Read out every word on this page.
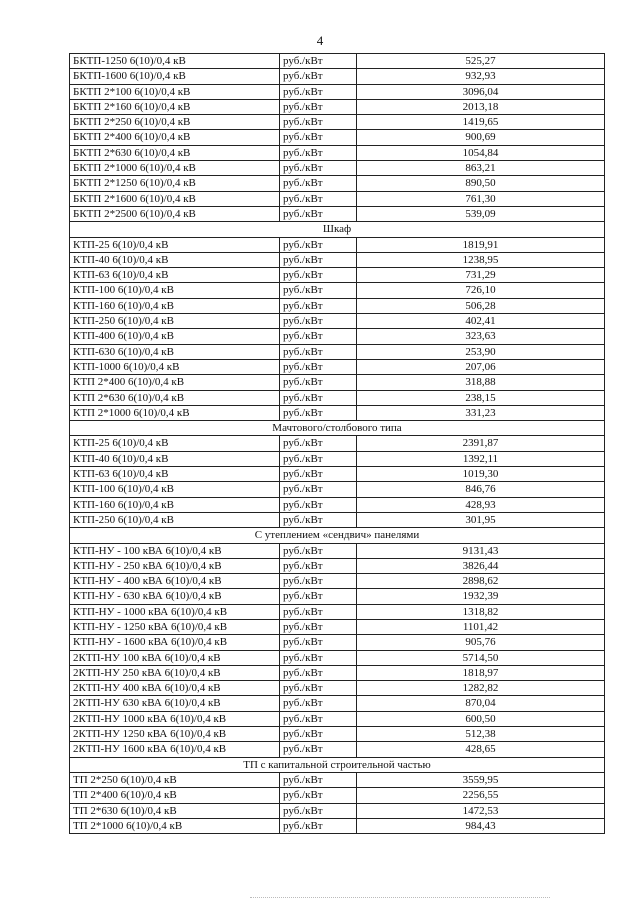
4
БКТП-1250 6(10)/0,4 кВ	руб./кВт	525,27
БКТП-1600 6(10)/0,4 кВ	руб./кВт	932,93
БКТП 2*100 6(10)/0,4 кВ	руб./кВт	3096,04
БКТП 2*160 6(10)/0,4 кВ	руб./кВт	2013,18
БКТП 2*250 6(10)/0,4 кВ	руб./кВт	1419,65
БКТП 2*400 6(10)/0,4 кВ	руб./кВт	900,69
БКТП 2*630 6(10)/0,4 кВ	руб./кВт	1054,84
БКТП 2*1000 6(10)/0,4 кВ	руб./кВт	863,21
БКТП 2*1250 6(10)/0,4 кВ	руб./кВт	890,50
БКТП 2*1600 6(10)/0,4 кВ	руб./кВт	761,30
БКТП 2*2500 6(10)/0,4 кВ	руб./кВт	539,09
Шкаф		
КТП-25 6(10)/0,4 кВ	руб./кВт	1819,91
КТП-40 6(10)/0,4 кВ	руб./кВт	1238,95
КТП-63 6(10)/0,4 кВ	руб./кВт	731,29
КТП-100 6(10)/0,4 кВ	руб./кВт	726,10
КТП-160 6(10)/0,4 кВ	руб./кВт	506,28
КТП-250 6(10)/0,4 кВ	руб./кВт	402,41
КТП-400 6(10)/0,4 кВ	руб./кВт	323,63
КТП-630 6(10)/0,4 кВ	руб./кВт	253,90
КТП-1000 6(10)/0,4 кВ	руб./кВт	207,06
КТП 2*400 6(10)/0,4 кВ	руб./кВт	318,88
КТП 2*630 6(10)/0,4 кВ	руб./кВт	238,15
КТП 2*1000 6(10)/0,4 кВ	руб./кВт	331,23
Мачтового/столбового типа		
КТП-25 6(10)/0,4 кВ	руб./кВт	2391,87
КТП-40 6(10)/0,4 кВ	руб./кВт	1392,11
КТП-63 6(10)/0,4 кВ	руб./кВт	1019,30
КТП-100 6(10)/0,4 кВ	руб./кВт	846,76
КТП-160 6(10)/0,4 кВ	руб./кВт	428,93
КТП-250 6(10)/0,4 кВ	руб./кВт	301,95
С утеплением «сендвич» панелями		
КТП-НУ - 100 кВА 6(10)/0,4 кВ	руб./кВт	9131,43
КТП-НУ - 250 кВА 6(10)/0,4 кВ	руб./кВт	3826,44
КТП-НУ - 400 кВА 6(10)/0,4 кВ	руб./кВт	2898,62
КТП-НУ - 630 кВА 6(10)/0,4 кВ	руб./кВт	1932,39
КТП-НУ - 1000 кВА 6(10)/0,4 кВ	руб./кВт	1318,82
КТП-НУ - 1250 кВА 6(10)/0,4 кВ	руб./кВт	1101,42
КТП-НУ - 1600 кВА 6(10)/0,4 кВ	руб./кВт	905,76
2КТП-НУ 100 кВА 6(10)/0,4 кВ	руб./кВт	5714,50
2КТП-НУ 250 кВА 6(10)/0,4 кВ	руб./кВт	1818,97
2КТП-НУ 400 кВА 6(10)/0,4 кВ	руб./кВт	1282,82
2КТП-НУ 630 кВА 6(10)/0,4 кВ	руб./кВт	870,04
2КТП-НУ 1000 кВА 6(10)/0,4 кВ	руб./кВт	600,50
2КТП-НУ 1250 кВА 6(10)/0,4 кВ	руб./кВт	512,38
2КТП-НУ 1600 кВА 6(10)/0,4 кВ	руб./кВт	428,65
ТП с капитальной строительной частью		
ТП 2*250 6(10)/0,4 кВ	руб./кВт	3559,95
ТП 2*400 6(10)/0,4 кВ	руб./кВт	2256,55
ТП 2*630 6(10)/0,4 кВ	руб./кВт	1472,53
ТП 2*1000 6(10)/0,4 кВ	руб./кВт	984,43
